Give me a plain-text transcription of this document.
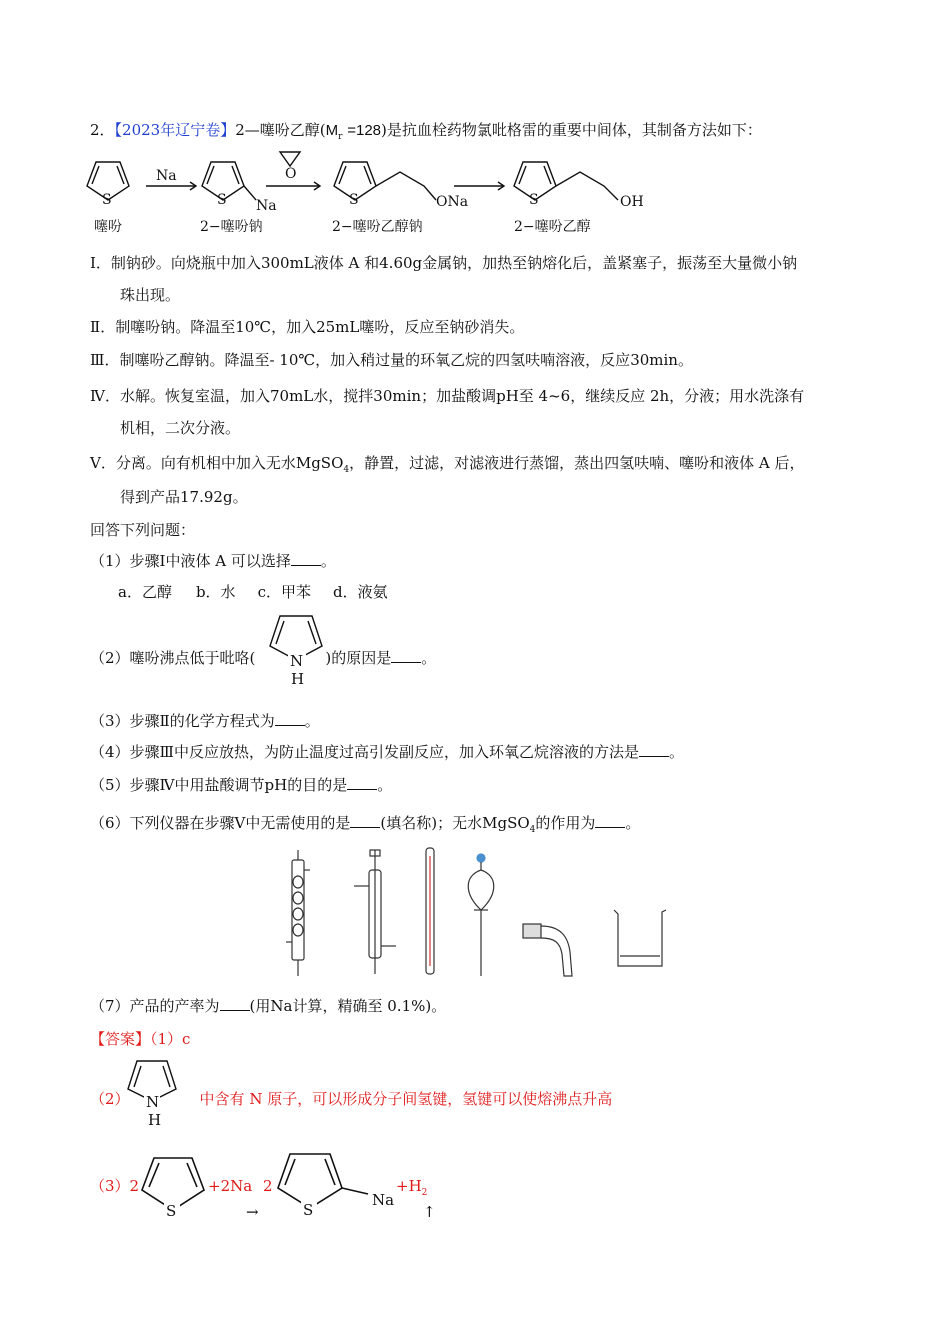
2．【2023年辽宁卷】2—噻吩乙醇$(M_r =128)$是抗血栓药物氯吡格雷的重要中间体，其制备方法如下：
S
Na
S Na
O
S	ONa	S	OH
噻吩	2−噻吩钠	2−噻吩乙醇钠	2−噻吩乙醇
Ⅰ．制钠砂。向烧瓶中加入300mL液体 A 和4.60g金属钠，加热至钠熔化后，盖紧塞子，振荡至大量微小钠
珠出现。
Ⅱ．制噻吩钠。降温至10℃，加入25mL噻吩，反应至钠砂消失。
Ⅲ．制噻吩乙醇钠。降温至- 10℃，加入稍过量的环氧乙烷的四氢呋喃溶液，反应30min。
Ⅳ．水解。恢复室温，加入70mL水，搅拌30min；加盐酸调pH至 4~6，继续反应 2h，分液；用水洗涤有
机相，二次分液。
Ⅴ．分离。向有机相中加入无水MgSO$_4$，静置，过滤，对滤液进行蒸馏，蒸出四氢呋喃、噻吩和液体 A 后，
得到产品17.92g。
回答下列问题：
（1）步骤Ⅰ中液体 A 可以选择 。
a．乙醇 b．水 c．甲苯 d．液氨
（2）噻吩沸点低于吡咯(	)的原因是 。
N
H
（3）步骤Ⅱ的化学方程式为 。
（4）步骤Ⅲ中反应放热，为防止温度过高引发副反应，加入环氧乙烷溶液的方法是 。
（5）步骤Ⅳ中用盐酸调节pH的目的是 。
（6）下列仪器在步骤Ⅴ中无需使用的是 (填名称)；无水MgSO$_4$的作用为 。
（7）产品的产率为 (用Na计算，精确至 0.1%)。
【答案】（1）c
（2）	中含有 N 原子，可以形成分子间氢键，氢键可以使熔沸点升高
N
H
（3）2
S
+2Na 2
→	S
Na
$+H_2$
↑
